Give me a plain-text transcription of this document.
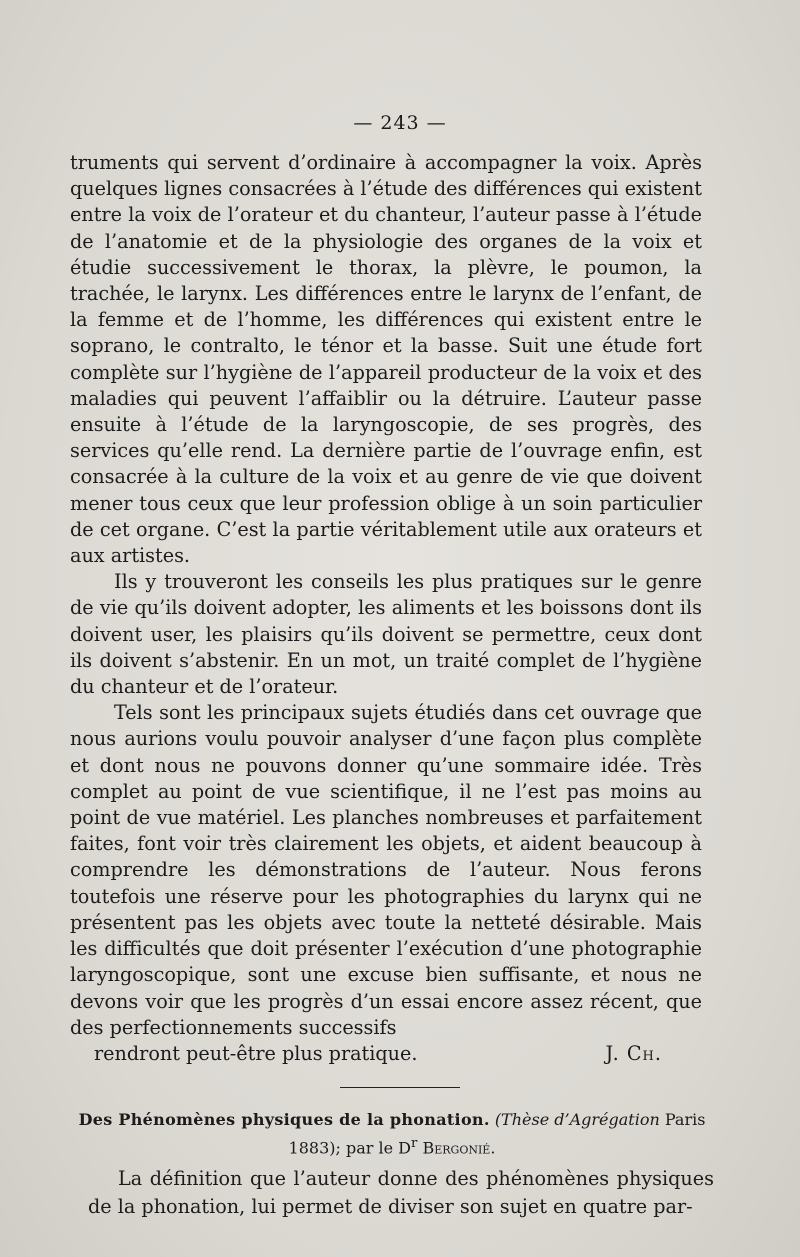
— 243 —

truments qui servent d’ordinaire à accompagner la voix. Après quelques lignes consacrées à l’étude des différences qui existent entre la voix de l’orateur et du chanteur, l’auteur passe à l’étude de l’anatomie et de la physiologie des organes de la voix et étudie successivement le thorax, la plèvre, le poumon, la trachée, le larynx. Les différences entre le larynx de l’enfant, de la femme et de l’homme, les différences qui existent entre le soprano, le contralto, le ténor et la basse. Suit une étude fort complète sur l’hygiène de l’appareil producteur de la voix et des maladies qui peuvent l’affaiblir ou la détruire. L’auteur passe ensuite à l’étude de la laryngoscopie, de ses progrès, des services qu’elle rend. La dernière partie de l’ouvrage enfin, est consacrée à la culture de la voix et au genre de vie que doivent mener tous ceux que leur profession oblige à un soin particulier de cet organe. C’est la partie véritablement utile aux orateurs et aux artistes.

Ils y trouveront les conseils les plus pratiques sur le genre de vie qu’ils doivent adopter, les aliments et les boissons dont ils doivent user, les plaisirs qu’ils doivent se permettre, ceux dont ils doivent s’abstenir. En un mot, un traité complet de l’hygiène du chanteur et de l’orateur.

Tels sont les principaux sujets étudiés dans cet ouvrage que nous aurions voulu pouvoir analyser d’une façon plus complète et dont nous ne pouvons donner qu’une sommaire idée. Très complet au point de vue scientifique, il ne l’est pas moins au point de vue matériel. Les planches nombreuses et parfaitement faites, font voir très clairement les objets, et aident beaucoup à comprendre les démonstrations de l’auteur. Nous ferons toutefois une réserve pour les photographies du larynx qui ne présentent pas les objets avec toute la netteté désirable. Mais les difficultés que doit présenter l’exécution d’une photographie laryngoscopique, sont une excuse bien suffisante, et nous ne devons voir que les progrès d’un essai encore assez récent, que des perfectionnements successifs

rendront peut-être plus pratique.	J. Ch.

Des Phénomènes physiques de la phonation. (Thèse d’Agrégation Paris 1883); par le $D^r$ Bergonié.

La définition que l’auteur donne des phénomènes physiques de la phonation, lui permet de diviser son sujet en quatre par-
